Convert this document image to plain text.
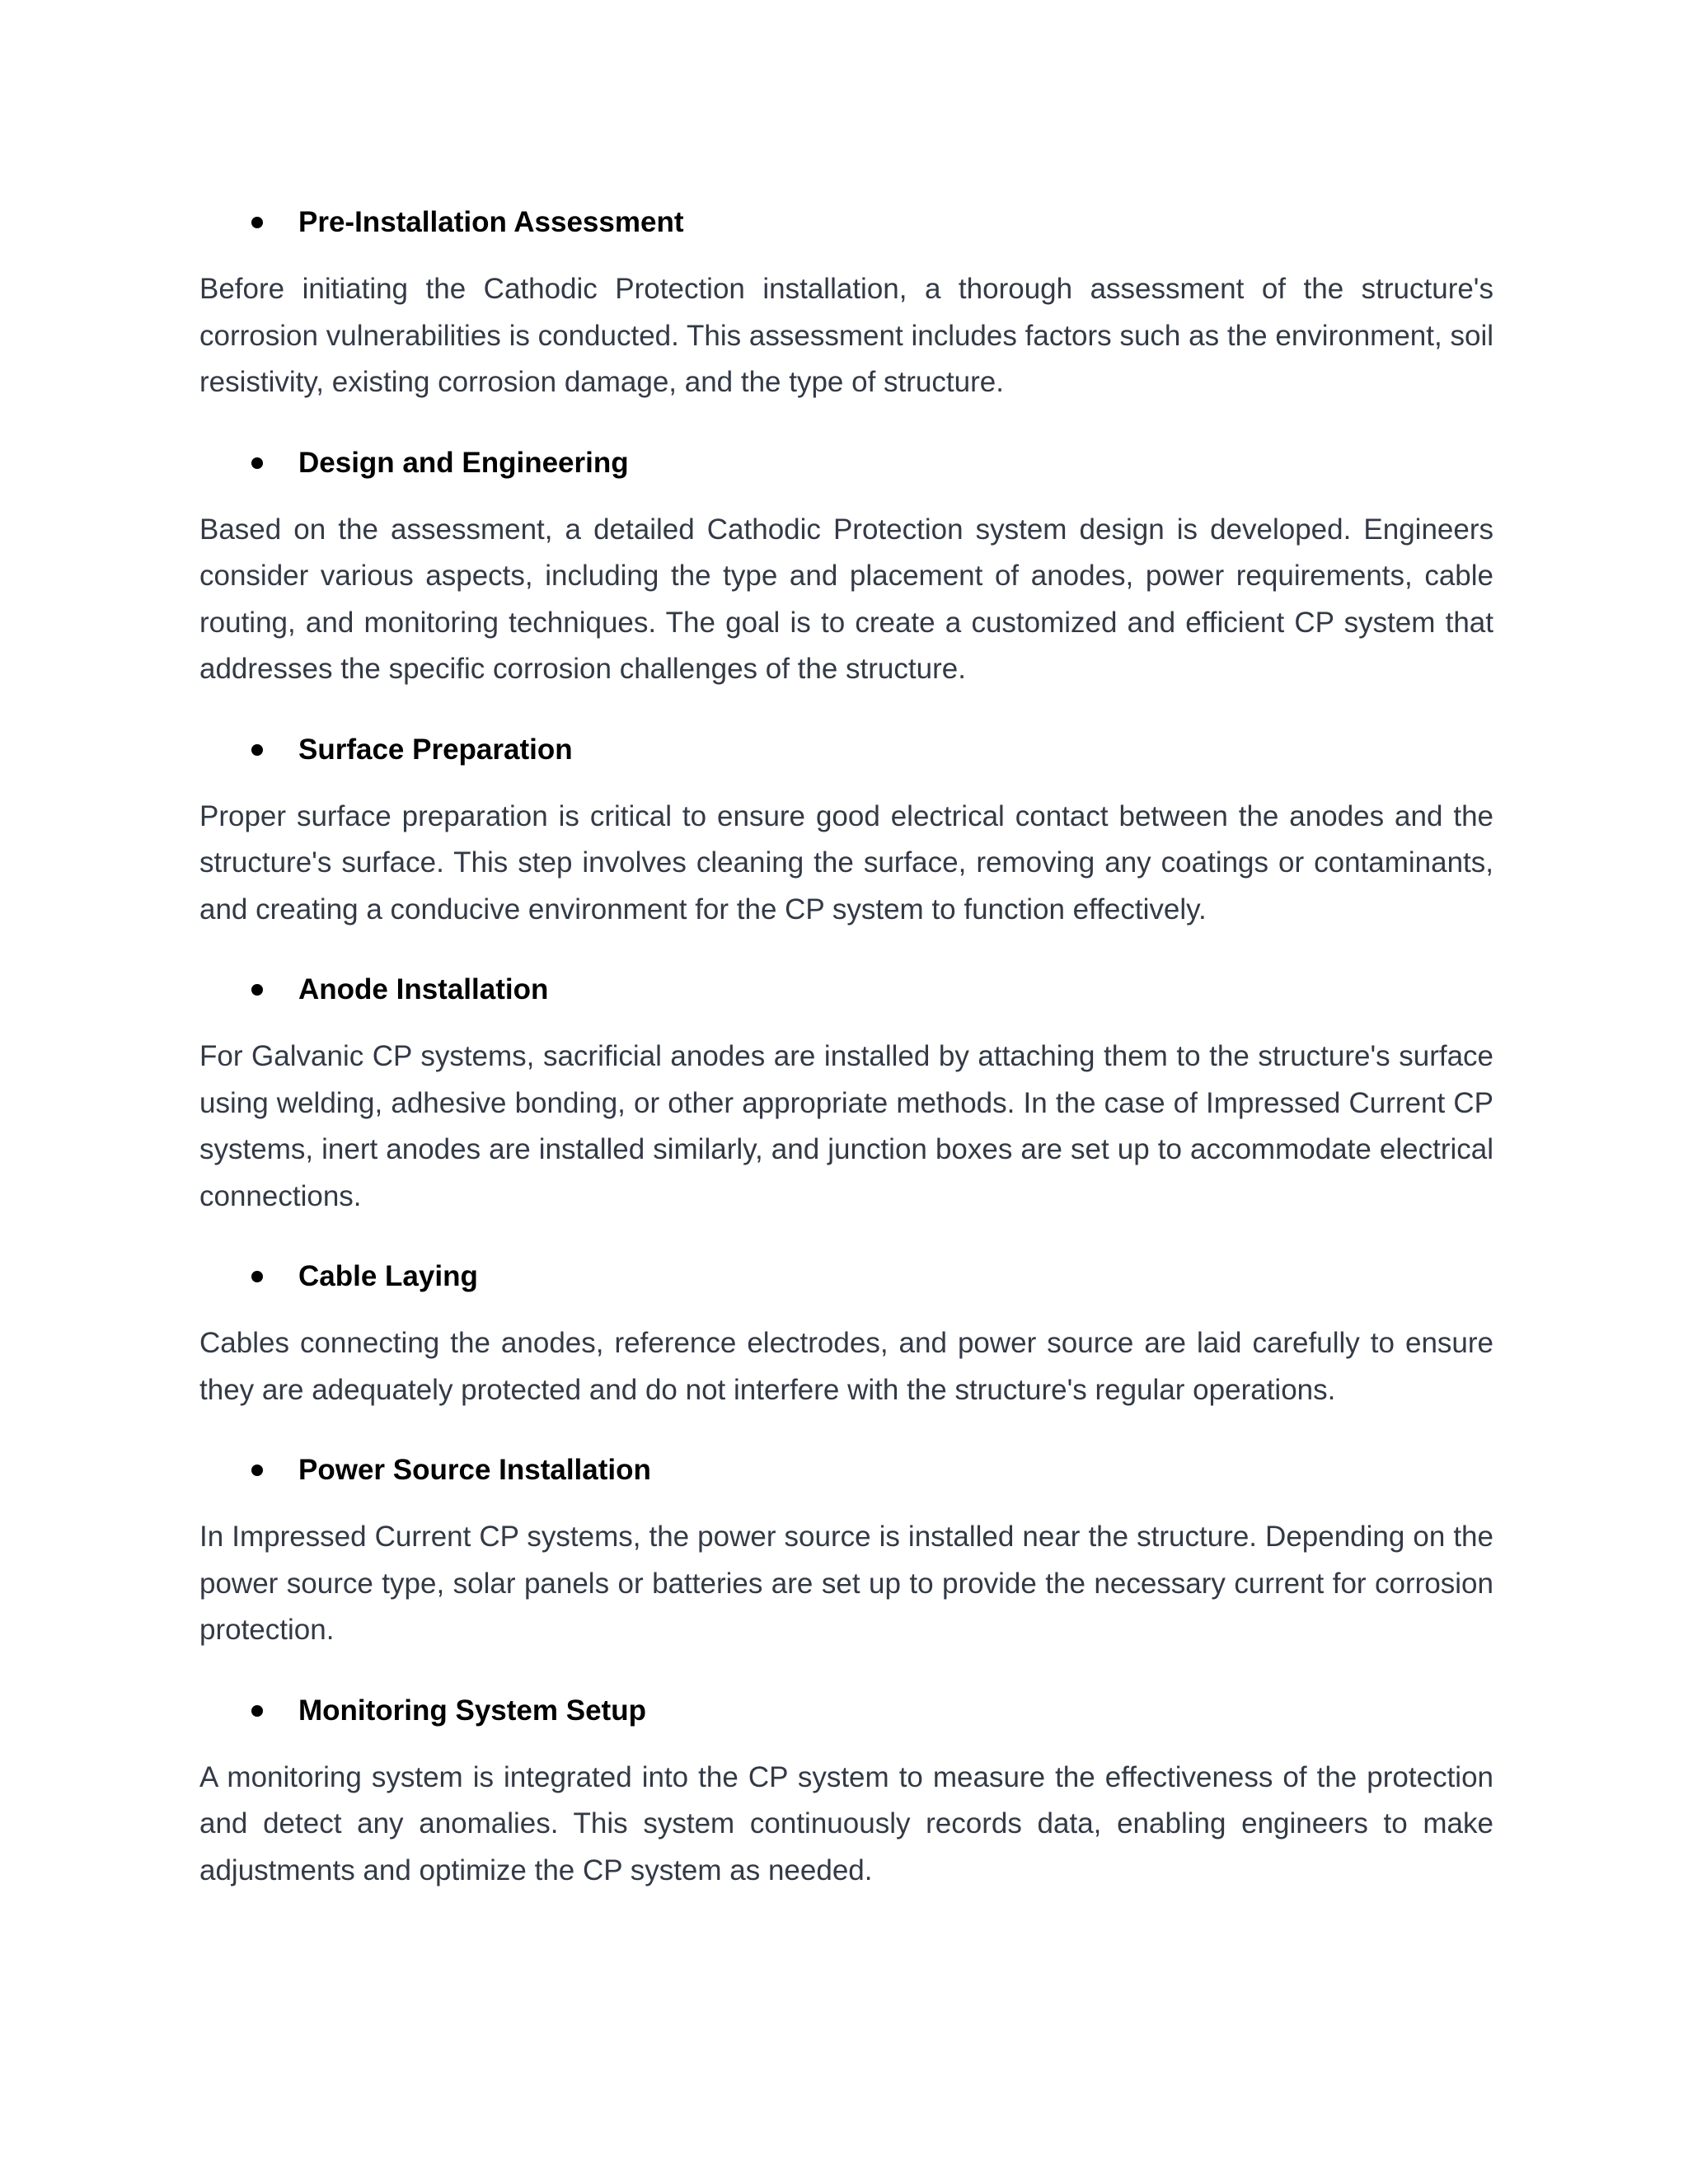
Pre-Installation Assessment

Before initiating the Cathodic Protection installation, a thorough assessment of the structure's corrosion vulnerabilities is conducted. This assessment includes factors such as the environment, soil resistivity, existing corrosion damage, and the type of structure.

Design and Engineering

Based on the assessment, a detailed Cathodic Protection system design is developed. Engineers consider various aspects, including the type and placement of anodes, power requirements, cable routing, and monitoring techniques. The goal is to create a customized and efficient CP system that addresses the specific corrosion challenges of the structure.

Surface Preparation

Proper surface preparation is critical to ensure good electrical contact between the anodes and the structure's surface. This step involves cleaning the surface, removing any coatings or contaminants, and creating a conducive environment for the CP system to function effectively.

Anode Installation

For Galvanic CP systems, sacrificial anodes are installed by attaching them to the structure's surface using welding, adhesive bonding, or other appropriate methods. In the case of Impressed Current CP systems, inert anodes are installed similarly, and junction boxes are set up to accommodate electrical connections.

Cable Laying

Cables connecting the anodes, reference electrodes, and power source are laid carefully to ensure they are adequately protected and do not interfere with the structure's regular operations.

Power Source Installation

In Impressed Current CP systems, the power source is installed near the structure. Depending on the power source type, solar panels or batteries are set up to provide the necessary current for corrosion protection.

Monitoring System Setup

A monitoring system is integrated into the CP system to measure the effectiveness of the protection and detect any anomalies. This system continuously records data, enabling engineers to make adjustments and optimize the CP system as needed.
